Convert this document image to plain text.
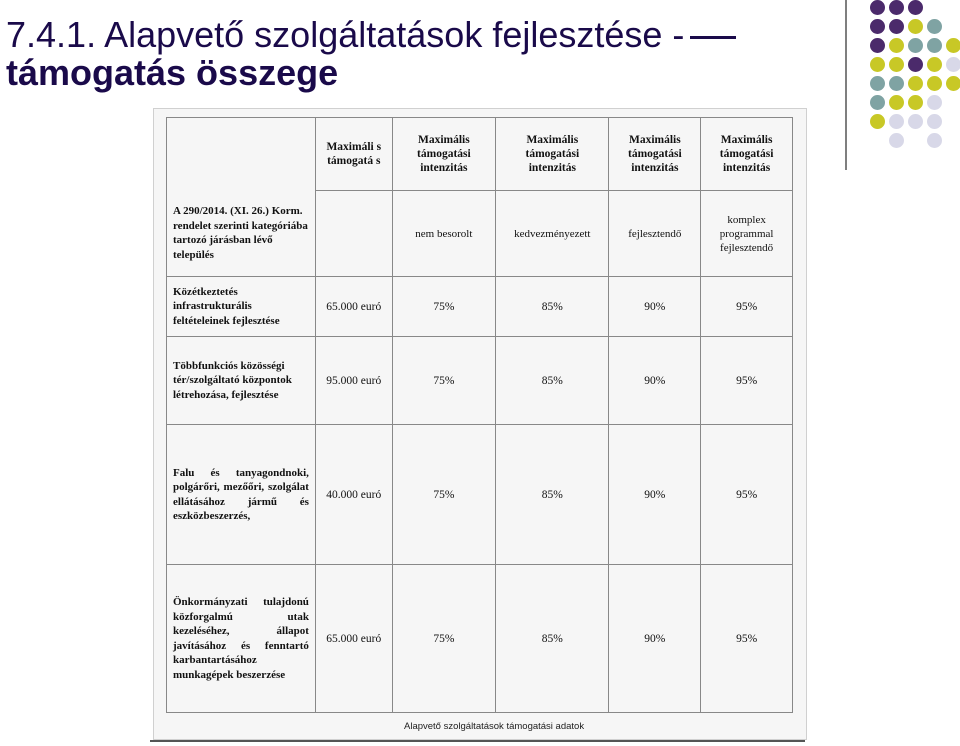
7.4.1. Alapvető szolgáltatások fejlesztése -
támogatás összege
	Maximáli s támogatá s	Maximális támogatási intenzitás	Maximális támogatási intenzitás	Maximális támogatási intenzitás	Maximális támogatási intenzitás
A 290/2014. (XI. 26.) Korm. rendelet szerinti kategóriába tartozó járásban lévő település		nem besorolt	kedvezményezett	fejlesztendő	komplex programmal fejlesztendő
Közétkeztetés infrastrukturális feltételeinek fejlesztése	65.000 euró	75%	85%	90%	95%
Többfunkciós közösségi tér/szolgáltató központok létrehozása, fejlesztése	95.000 euró	75%	85%	90%	95%
Falu és tanyagondnoki, polgárőri, mezőőri, szolgálat ellátásához jármű és eszközbeszerzés,	40.000 euró	75%	85%	90%	95%
Önkormányzati tulajdonú közforgalmú utak kezeléséhez, állapot javításához és fenntartó karbantartásához munkagépek beszerzése	65.000 euró	75%	85%	90%	95%
Alapvető szolgáltatások támogatási adatok
